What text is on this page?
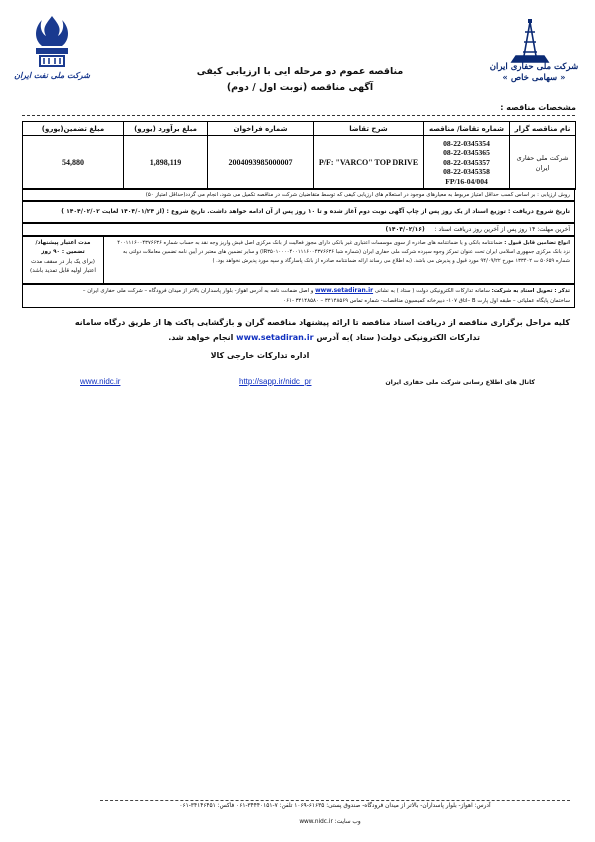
شرکت ملی حفاری ایران
« سهامی خاص »
شرکت ملی نفت ایران	مناقصه عموم دو مرحله ایی با ارزیابی کیفی
آگهی مناقصه (نوبت اول / دوم)
مشخصات مناقصه :
نام مناقصه گزار	شماره تقاضا/ مناقصه	شرح تقاضا	شماره فراخوان	مبلغ برآورد (یورو)	مبلغ تضمین(یورو)
شرکت ملی حفاری ایران	08-22-0345354
08-22-0345365
08-22-0345357
08-22-0345358
FP/16-04/004	P/F: "VARCO" TOP DRIVE	2004093985000007	1,898,119	54,880
روش ارزیابی : بر اساس کسب حداقل امتیاز مربوط به معیارهای موجود در استعلام های ارزیابی کیفی که توسط متقاضیان شرکت در مناقصه تکمیل می شود، انجام می گردد(حداقل امتیاز ۵۰)
تاریخ شروع دریافت : توزیع اسناد از یک روز پس از چاپ آگهی نوبت دوم آغاز شده و تا ۱۰ روز پس از آن ادامه خواهد داشت. تاریخ شروع : (از ۱۴۰۴/۰۱/۲۴ لغایت ۱۴۰۴/۰۲/۰۲ )
آخرین مهلت: ۱۴ روز پس از آخرین روز دریافت اسناد : (۱۴۰۴/۰۲/۱۶)
انواع تضامین قابل قبول : ضمانتنامه بانکی و یا ضمانتنامه های صادره از سوی موسسات اعتباری غیر بانکی دارای مجوز فعالیت از بانک مرکزی اصل فیش واریز وجه نقد به حساب شماره ۴۰۰۱۱۱۶۰۰۴۳۷۶۶۳۶ نزد بانک مرکزی جمهوری اسلامی ایران تحت عنوان تمرکز وجوه سپرده شرکت ملی حفاری ایران (شماره شبا IR۳۵۰۱۰۰۰۰۴۰۰۱۱۱۶۰۰۴۳۷۶۶۳۶) و سایر تضمین های معتبر در آیین نامه تضمین معاملات دولتی به شماره ۵۰۶۵۹ ت ۱۳۳۴۰۲ مورخ ۹۴/۰۹/۲۲ مورد قبول و پذیرش می باشد. (به اطلاع می رساند ارائه ضمانتنامه صادره از بانک پاسارگاد و سپه مورد پذیرش نخواهد بود. )
مدت اعتبار پیشنهاد/
تضمین : ۹۰ روز
(برای یک بار در سقف مدت
اعتبار اولیه قابل تمدید باشد)
تذکر : تحویل اسناد به شرکت: سامانه تدارکات الکترونیکی دولت ( ستاد ) به نشانی www.setadiran.ir و اصل ضمانت نامه به آدرس اهواز- بلوار پاسداران بالاتر از میدان فرودگاه – شرکت ملی حفاری ایران –
ساختمان پایگاه عملیاتی – طبقه اول پارت B –اتاق ۱۰۷- دبیرخانه کمیسیون مناقصات- شماره تماس ۳۴۱۴۸۵۶۹ – ۳۴۱۴۸۵۸۰ -۰۶۱
کلیه مراحل برگزاری مناقصه از دریافت اسناد مناقصه تا ارائه پیشنهاد مناقصه گران و بازگشایی پاکت ها از طریق درگاه سامانه
تدارکات الکترونیکی دولت( ستاد )به آدرس www.setadiran.ir انجام خواهد شد.
اداره تدارکات خارجی کالا
کانال های اطلاع رسانی شرکت ملی حفاری ایران
http://sapp.ir/nidc_pr
www.nidc.ir
آدرس: اهواز- بلوار پاسداران- بالاتر از میدان فرودگاه- صندوق پستی: ۶۱۶۳۵-۱۰۶۹ تلفن: ۷-۳۴۴۴۰۱۵۱-۰۶۱ فاکس: ۳۴۱۴۶۴۵۱-۰۶۱
وب سایت: www.nidc.ir
